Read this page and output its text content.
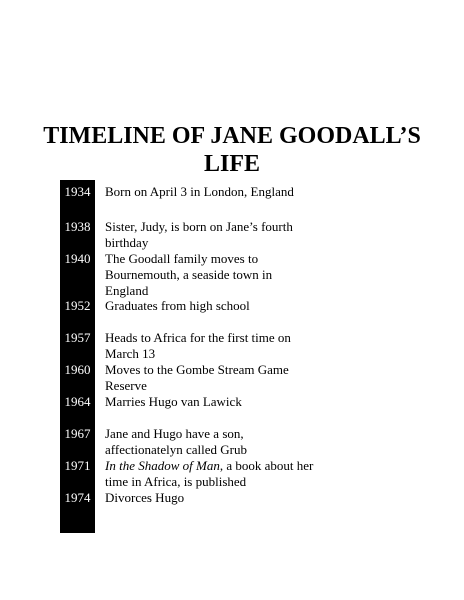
TIMELINE OF JANE GOODALL’S
LIFE
1934	Born on April 3 in London, England
1938	Sister, Judy, is born on Jane’s fourth
birthday
1940	The Goodall family moves to
Bournemouth, a seaside town in
England
1952	Graduates from high school
1957	Heads to Africa for the first time on
March 13
1960	Moves to the Gombe Stream Game
Reserve
1964	Marries Hugo van Lawick
1967	Jane and Hugo have a son,
affectionatelyn called Grub
1971	In the Shadow of Man, a book about her
time in Africa, is published
1974	Divorces Hugo
